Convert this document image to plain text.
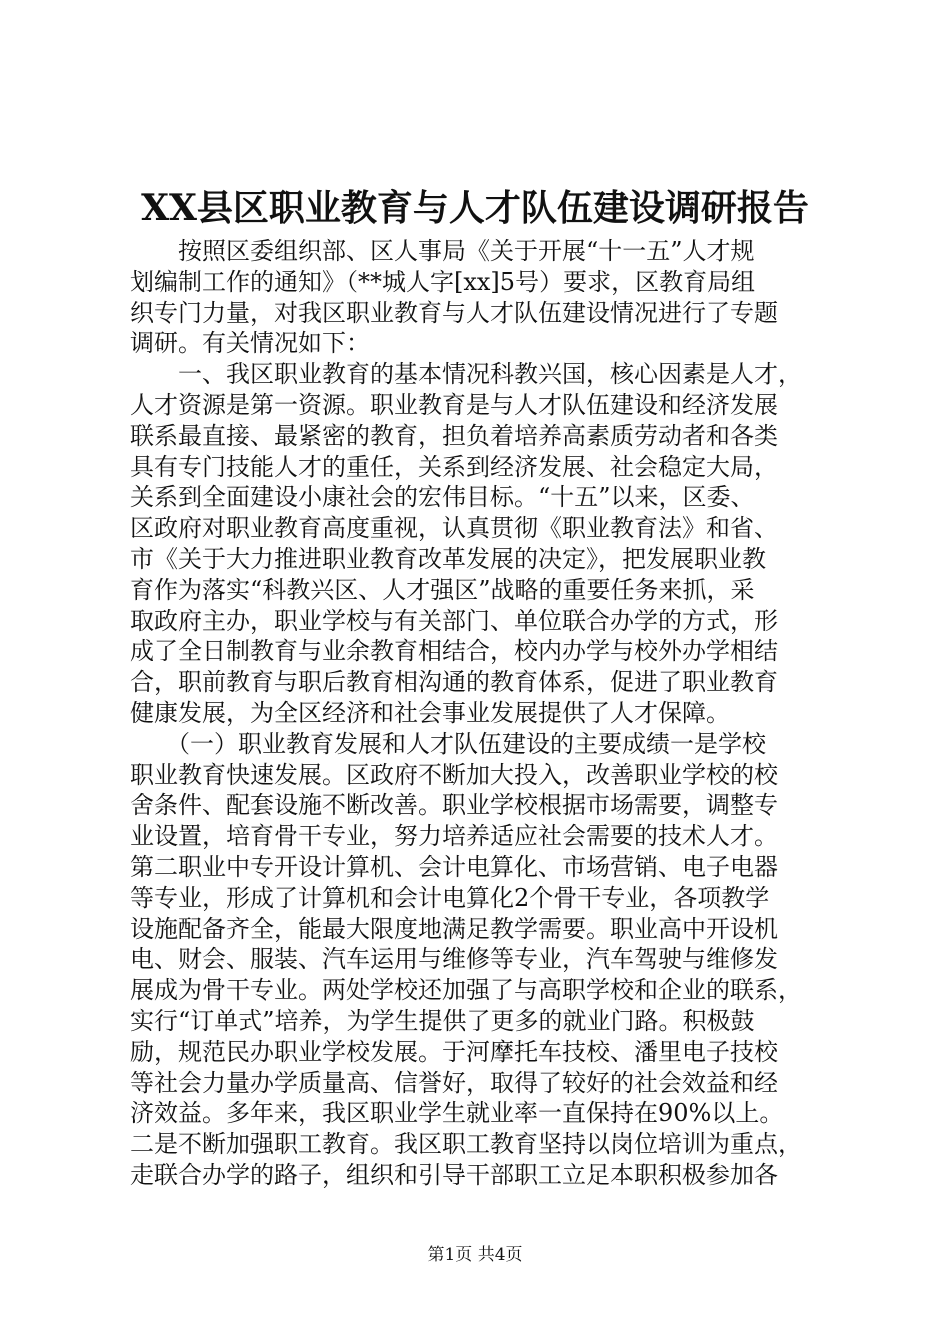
XX县区职业教育与人才队伍建设调研报告
　　按照区委组织部、区人事局《关于开展“十一五”人才规
划编制工作的通知》（**城人字[xx]5号）要求，区教育局组
织专门力量，对我区职业教育与人才队伍建设情况进行了专题
调研。有关情况如下：
　　一、我区职业教育的基本情况科教兴国，核心因素是人才，
人才资源是第一资源。职业教育是与人才队伍建设和经济发展
联系最直接、最紧密的教育，担负着培养高素质劳动者和各类
具有专门技能人才的重任，关系到经济发展、社会稳定大局，
关系到全面建设小康社会的宏伟目标。“十五”以来，区委、
区政府对职业教育高度重视，认真贯彻《职业教育法》和省、
市《关于大力推进职业教育改革发展的决定》，把发展职业教
育作为落实“科教兴区、人才强区”战略的重要任务来抓，采
取政府主办，职业学校与有关部门、单位联合办学的方式，形
成了全日制教育与业余教育相结合，校内办学与校外办学相结
合，职前教育与职后教育相沟通的教育体系，促进了职业教育
健康发展，为全区经济和社会事业发展提供了人才保障。
　　（一）职业教育发展和人才队伍建设的主要成绩一是学校
职业教育快速发展。区政府不断加大投入，改善职业学校的校
舍条件、配套设施不断改善。职业学校根据市场需要，调整专
业设置，培育骨干专业，努力培养适应社会需要的技术人才。
第二职业中专开设计算机、会计电算化、市场营销、电子电器
等专业，形成了计算机和会计电算化2个骨干专业，各项教学
设施配备齐全，能最大限度地满足教学需要。职业高中开设机
电、财会、服装、汽车运用与维修等专业，汽车驾驶与维修发
展成为骨干专业。两处学校还加强了与高职学校和企业的联系，
实行“订单式”培养，为学生提供了更多的就业门路。积极鼓
励，规范民办职业学校发展。于河摩托车技校、潘里电子技校
等社会力量办学质量高、信誉好，取得了较好的社会效益和经
济效益。多年来，我区职业学生就业率一直保持在90%以上。
二是不断加强职工教育。我区职工教育坚持以岗位培训为重点，
走联合办学的路子，组织和引导干部职工立足本职积极参加各
第1页 共4页
